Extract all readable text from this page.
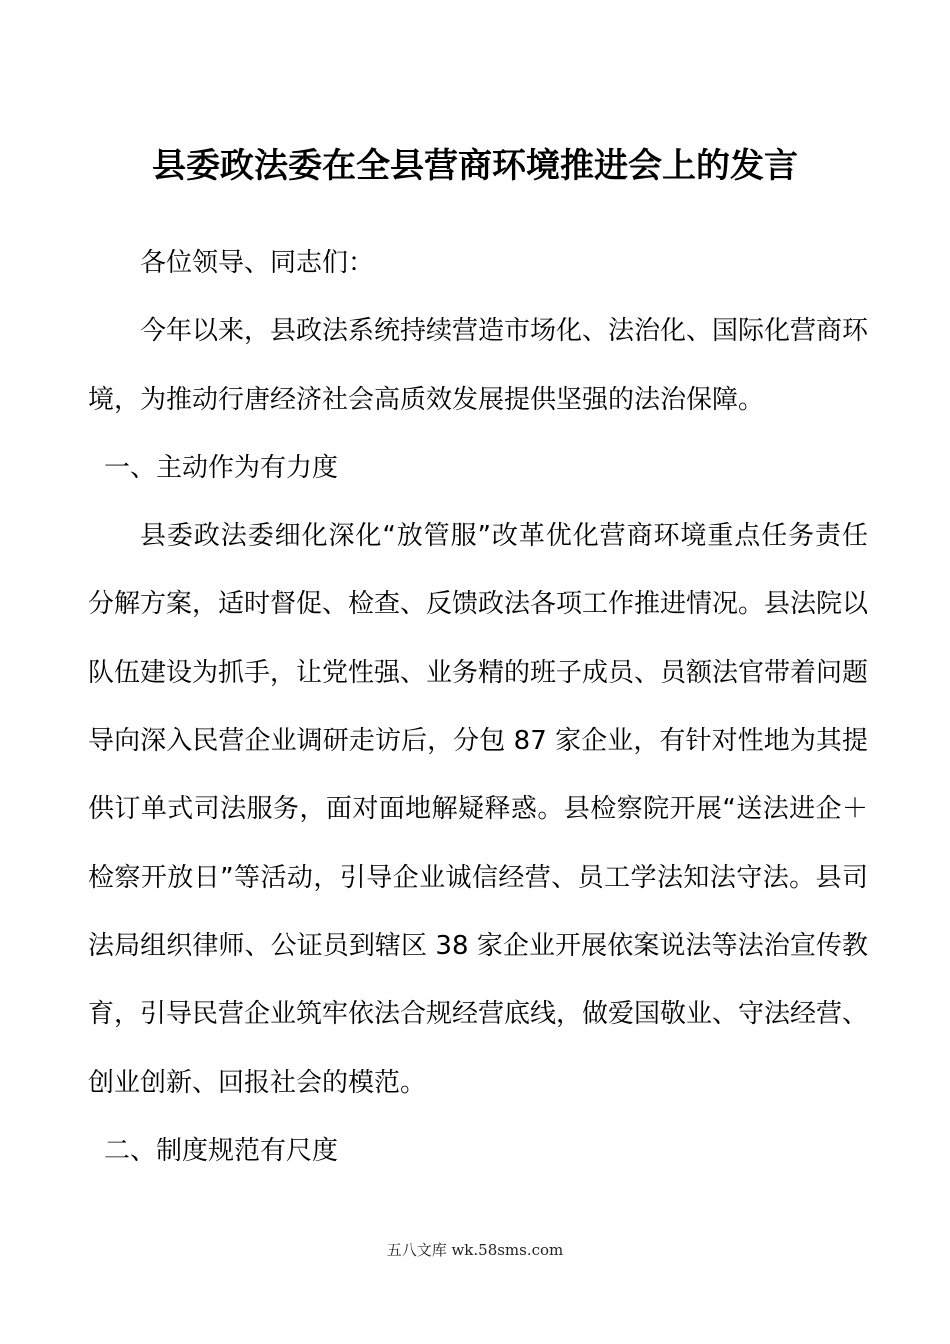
县委政法委在全县营商环境推进会上的发言

各位领导、同志们：

今年以来，县政法系统持续营造市场化、法治化、国际化营商环境，为推动行唐经济社会高质效发展提供坚强的法治保障。

一、主动作为有力度

县委政法委细化深化“放管服”改革优化营商环境重点任务责任分解方案，适时督促、检查、反馈政法各项工作推进情况。县法院以队伍建设为抓手，让党性强、业务精的班子成员、员额法官带着问题导向深入民营企业调研走访后，分包 87 家企业，有针对性地为其提供订单式司法服务，面对面地解疑释惑。县检察院开展“送法进企＋检察开放日”等活动，引导企业诚信经营、员工学法知法守法。县司法局组织律师、公证员到辖区 38 家企业开展依案说法等法治宣传教育，引导民营企业筑牢依法合规经营底线，做爱国敬业、守法经营、创业创新、回报社会的模范。

二、制度规范有尺度

五八文库 wk.58sms.com
